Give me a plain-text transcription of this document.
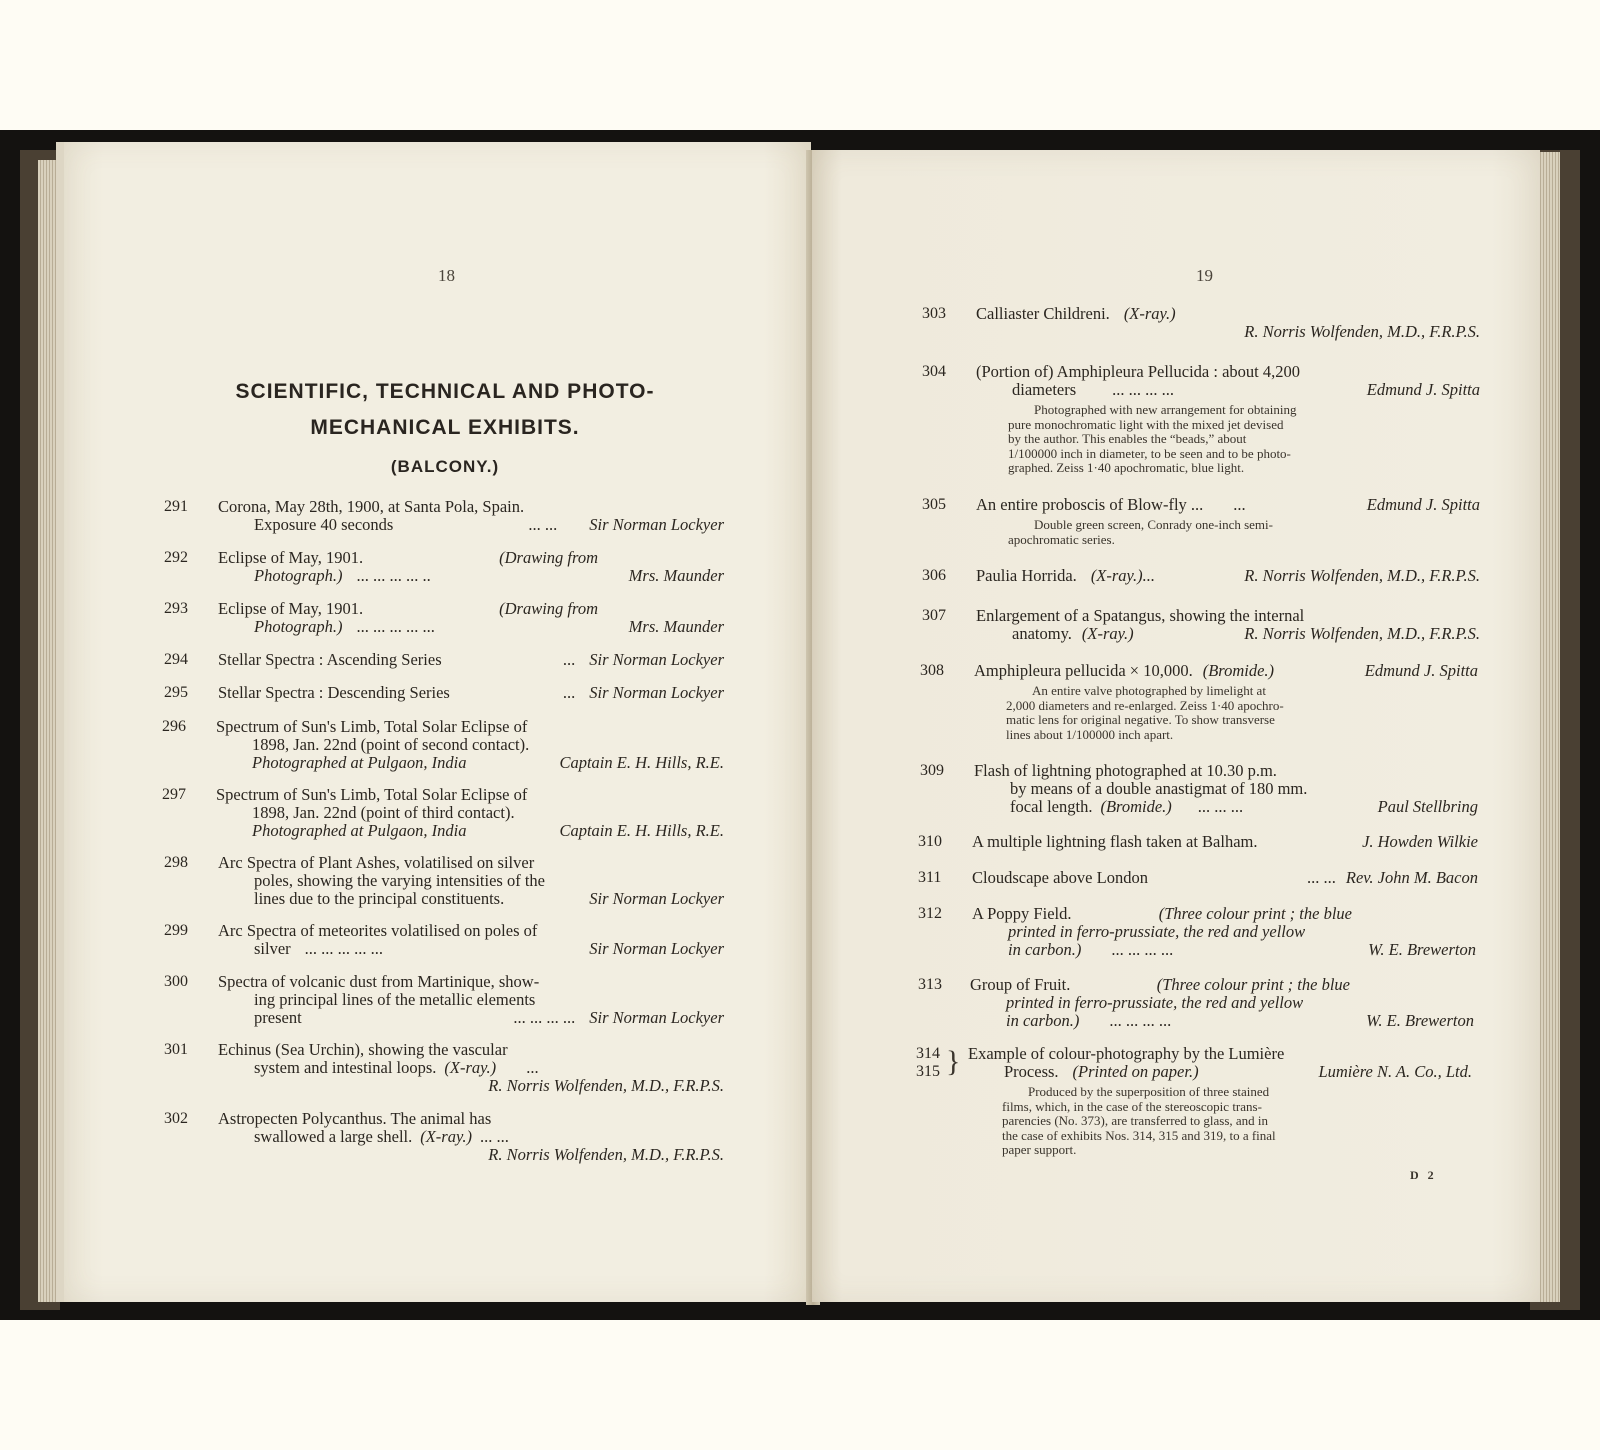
18
SCIENTIFIC, TECHNICAL AND PHOTO-
MECHANICAL EXHIBITS.
(BALCONY.)
291 Corona, May 28th, 1900, at Santa Pola, Spain.
Exposure 40 seconds	... ... Sir Norman Lockyer
292 Eclipse of May, 1901.	(Drawing from
Photograph.) ... ... ... ... ..	Mrs. Maunder
293 Eclipse of May, 1901.	(Drawing from
Photograph.) ... ... ... ... ...	Mrs. Maunder
294 Stellar Spectra : Ascending Series	... Sir Norman Lockyer
295 Stellar Spectra : Descending Series	... Sir Norman Lockyer
296 Spectrum of Sun's Limb, Total Solar Eclipse of
1898, Jan. 22nd (point of second contact).
Photographed at Pulgaon, India	Captain E. H. Hills, R.E.
297 Spectrum of Sun's Limb, Total Solar Eclipse of
1898, Jan. 22nd (point of third contact).
Photographed at Pulgaon, India	Captain E. H. Hills, R.E.
298 Arc Spectra of Plant Ashes, volatilised on silver
poles, showing the varying intensities of the
lines due to the principal constituents.	Sir Norman Lockyer
299 Arc Spectra of meteorites volatilised on poles of
silver ... ... ... ... ...	Sir Norman Lockyer
300 Spectra of volcanic dust from Martinique, show-
ing principal lines of the metallic elements
present	... ... ... ... Sir Norman Lockyer
301 Echinus (Sea Urchin), showing the vascular
system and intestinal loops. (X-ray.) ...
R. Norris Wolfenden, M.D., F.R.P.S.
302 Astropecten Polycanthus. The animal has
swallowed a large shell. (X-ray.) ... ...
R. Norris Wolfenden, M.D., F.R.P.S.
19
303 Calliaster Childreni. (X-ray.)
R. Norris Wolfenden, M.D., F.R.P.S.
304 (Portion of) Amphipleura Pellucida : about 4,200
diameters ... ... ... ...	Edmund J. Spitta
Photographed with new arrangement for obtaining
pure monochromatic light with the mixed jet devised
by the author. This enables the “beads,” about
1/100000 inch in diameter, to be seen and to be photo-
graphed. Zeiss 1·40 apochromatic, blue light.
305 An entire proboscis of Blow-fly ... ...	Edmund J. Spitta
Double green screen, Conrady one-inch semi-
apochromatic series.
306 Paulia Horrida. (X-ray.)...	R. Norris Wolfenden, M.D., F.R.P.S.
307 Enlargement of a Spatangus, showing the internal
anatomy. (X-ray.)	R. Norris Wolfenden, M.D., F.R.P.S.
308 Amphipleura pellucida × 10,000. (Bromide.)	Edmund J. Spitta
An entire valve photographed by limelight at
2,000 diameters and re-enlarged. Zeiss 1·40 apochro-
matic lens for original negative. To show transverse
lines about 1/100000 inch apart.
309 Flash of lightning photographed at 10.30 p.m.
by means of a double anastigmat of 180 mm.
focal length. (Bromide.) ... ... ...	Paul Stellbring
310 A multiple lightning flash taken at Balham.	J. Howden Wilkie
311 Cloudscape above London	... ... Rev. John M. Bacon
312 A Poppy Field.	(Three colour print ; the blue
printed in ferro-prussiate, the red and yellow
in carbon.) ... ... ... ...	W. E. Brewerton
313 Group of Fruit.	(Three colour print ; the blue
printed in ferro-prussiate, the red and yellow
in carbon.) ... ... ... ...	W. E. Brewerton
314
315 } Example of colour-photography by the Lumière
Process. (Printed on paper.)	Lumière N. A. Co., Ltd.
Produced by the superposition of three stained
films, which, in the case of the stereoscopic trans-
parencies (No. 373), are transferred to glass, and in
the case of exhibits Nos. 314, 315 and 319, to a final
paper support.
D 2
